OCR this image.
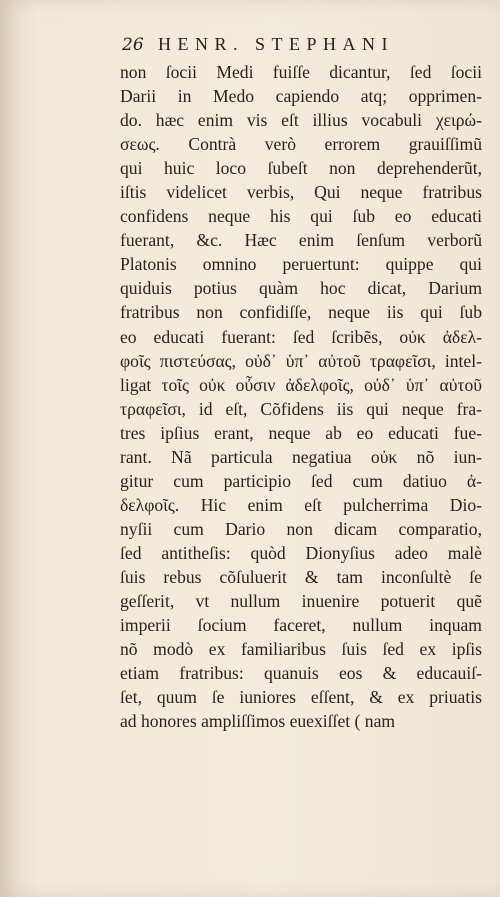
26 HENR. STEPHANI
non ſocii Medi fuiſſe dicantur, ſed ſocii
Darii in Medo capiendo atq; opprimen-
do. hæc enim vis eſt illius vocabuli χειρώ-
σεως. Contrà verò errorem grauiſſimũ
qui huic loco ſubeſt non deprehenderũt,
iſtis videlicet verbis, Qui neque fratribus
confidens neque his qui ſub eo educati
fuerant, &c. Hæc enim ſenſum verborũ
Platonis omnino peruertunt: quippe qui
quiduis potius quàm hoc dicat, Darium
fratribus non confidiſſe, neque iis qui ſub
eo educati fuerant: ſed ſcribẽs, οὐκ ἀδελ-
φοῖς πιστεύσας, οὐδ᾽ ὑπ᾽ αὐτοῦ τραφεῖσι, intel-
ligat τοῖς οὐκ οὖσιν ἀδελφοῖς, οὐδ᾽ ὑπ᾽ αὐτοῦ
τραφεῖσι, id eſt, Cõfidens iis qui neque fra-
tres ipſius erant, neque ab eo educati fue-
rant. Nã particula negatiua οὐκ nõ iun-
gitur cum participio ſed cum datiuo ἀ-
δελφοῖς. Hic enim eſt pulcherrima Dio-
nyſii cum Dario non dicam comparatio,
ſed antitheſis: quòd Dionyſius adeo malè
ſuis rebus cõſuluerit & tam inconſultè ſe
geſſerit, vt nullum inuenire potuerit quẽ
imperii ſocium faceret, nullum inquam
nõ modò ex familiaribus ſuis ſed ex ipſis
etiam fratribus: quanuis eos & educauiſ-
ſet, quum ſe iuniores eſſent, & ex priuatis
ad honores ampliſſimos euexiſſet ( nam
